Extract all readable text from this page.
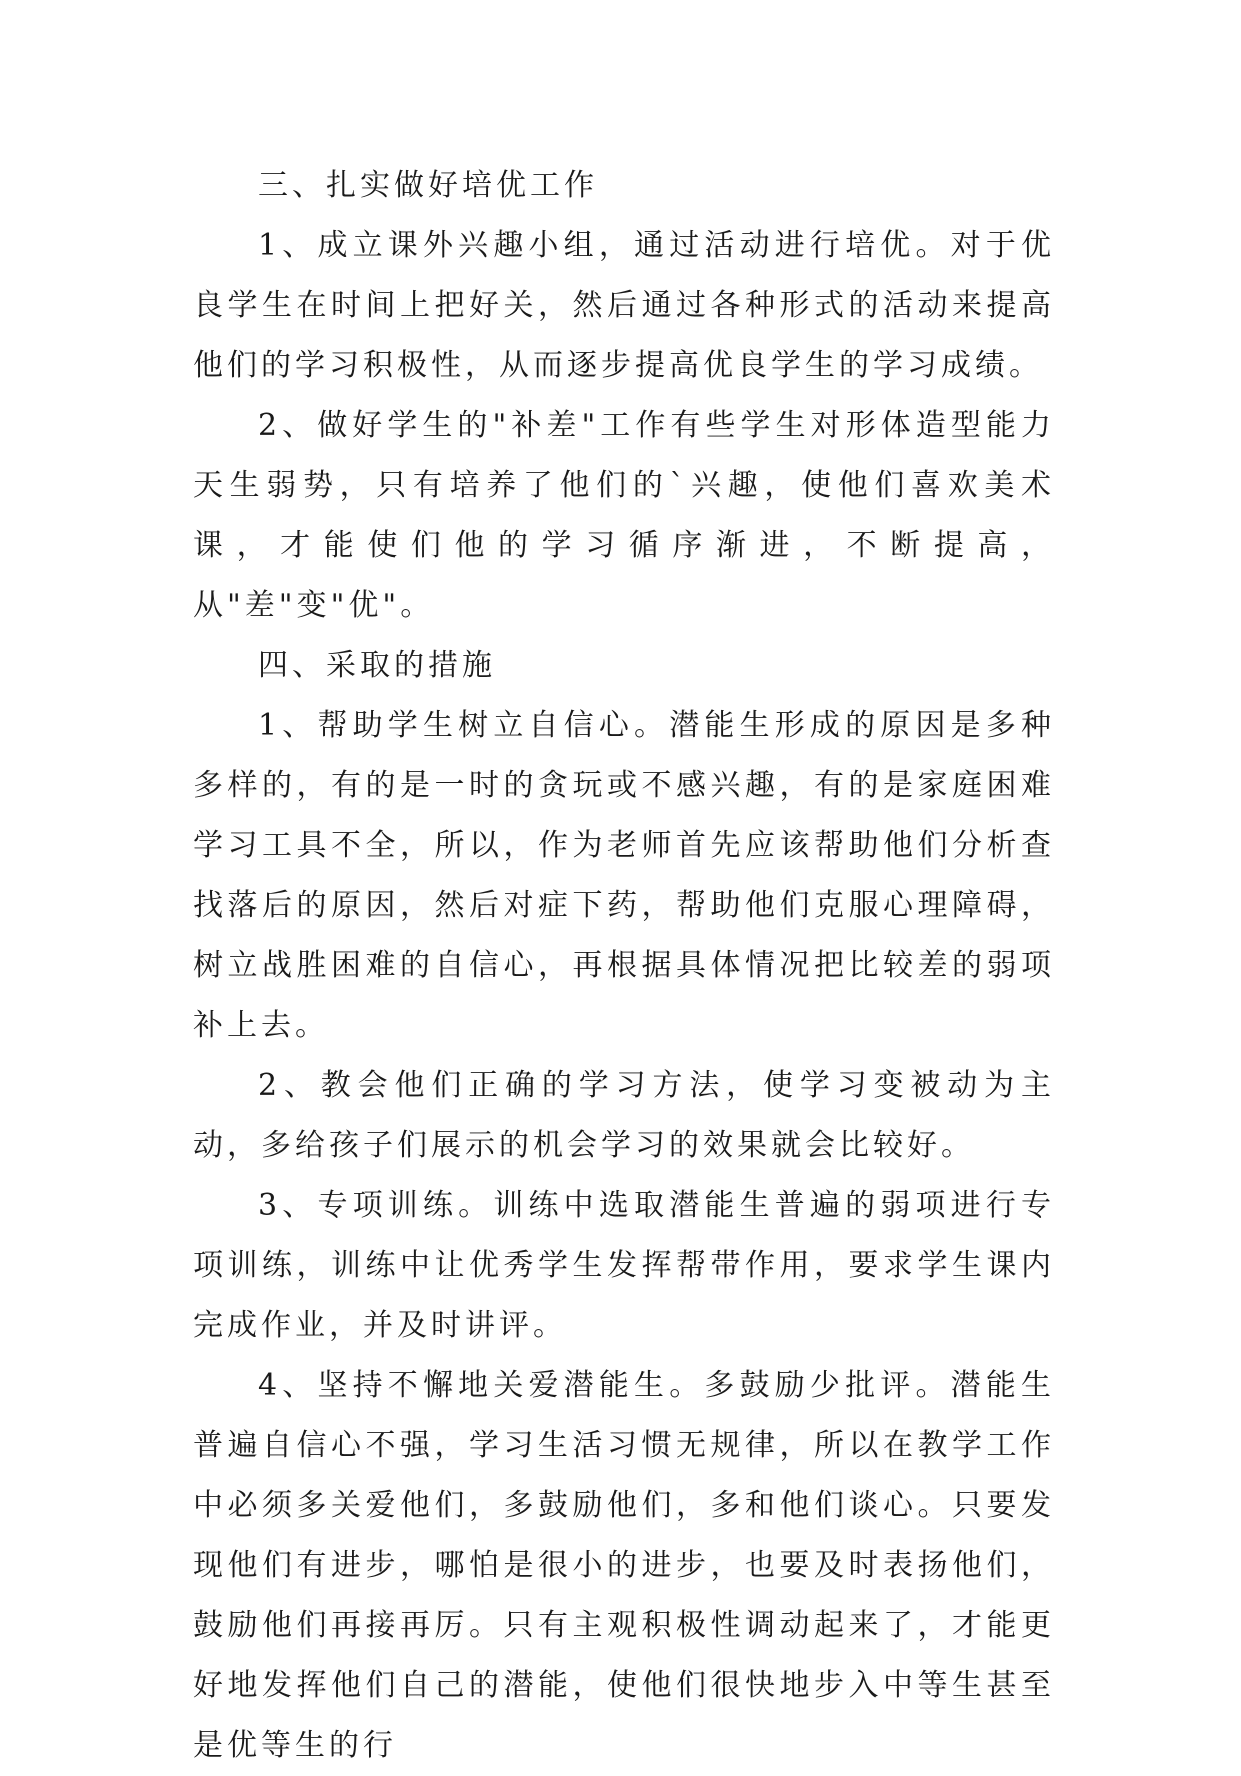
三、扎实做好培优工作

1、成立课外兴趣小组，通过活动进行培优。对于优良学生在时间上把好关，然后通过各种形式的活动来提高他们的学习积极性，从而逐步提高优良学生的学习成绩。

2、做好学生的"补差"工作有些学生对形体造型能力天生弱势，只有培养了他们的`兴趣，使他们喜欢美术课，才能使们他的学习循序渐进，不断提高，从"差"变"优"。

四、采取的措施

1、帮助学生树立自信心。潜能生形成的原因是多种多样的，有的是一时的贪玩或不感兴趣，有的是家庭困难学习工具不全，所以，作为老师首先应该帮助他们分析查找落后的原因，然后对症下药，帮助他们克服心理障碍，树立战胜困难的自信心，再根据具体情况把比较差的弱项补上去。

2、教会他们正确的学习方法，使学习变被动为主动，多给孩子们展示的机会学习的效果就会比较好。

3、专项训练。训练中选取潜能生普遍的弱项进行专项训练，训练中让优秀学生发挥帮带作用，要求学生课内完成作业，并及时讲评。

4、坚持不懈地关爱潜能生。多鼓励少批评。潜能生普遍自信心不强，学习生活习惯无规律，所以在教学工作中必须多关爱他们，多鼓励他们，多和他们谈心。只要发现他们有进步，哪怕是很小的进步，也要及时表扬他们，鼓励他们再接再厉。只有主观积极性调动起来了，才能更好地发挥他们自己的潜能，使他们很快地步入中等生甚至是优等生的行
